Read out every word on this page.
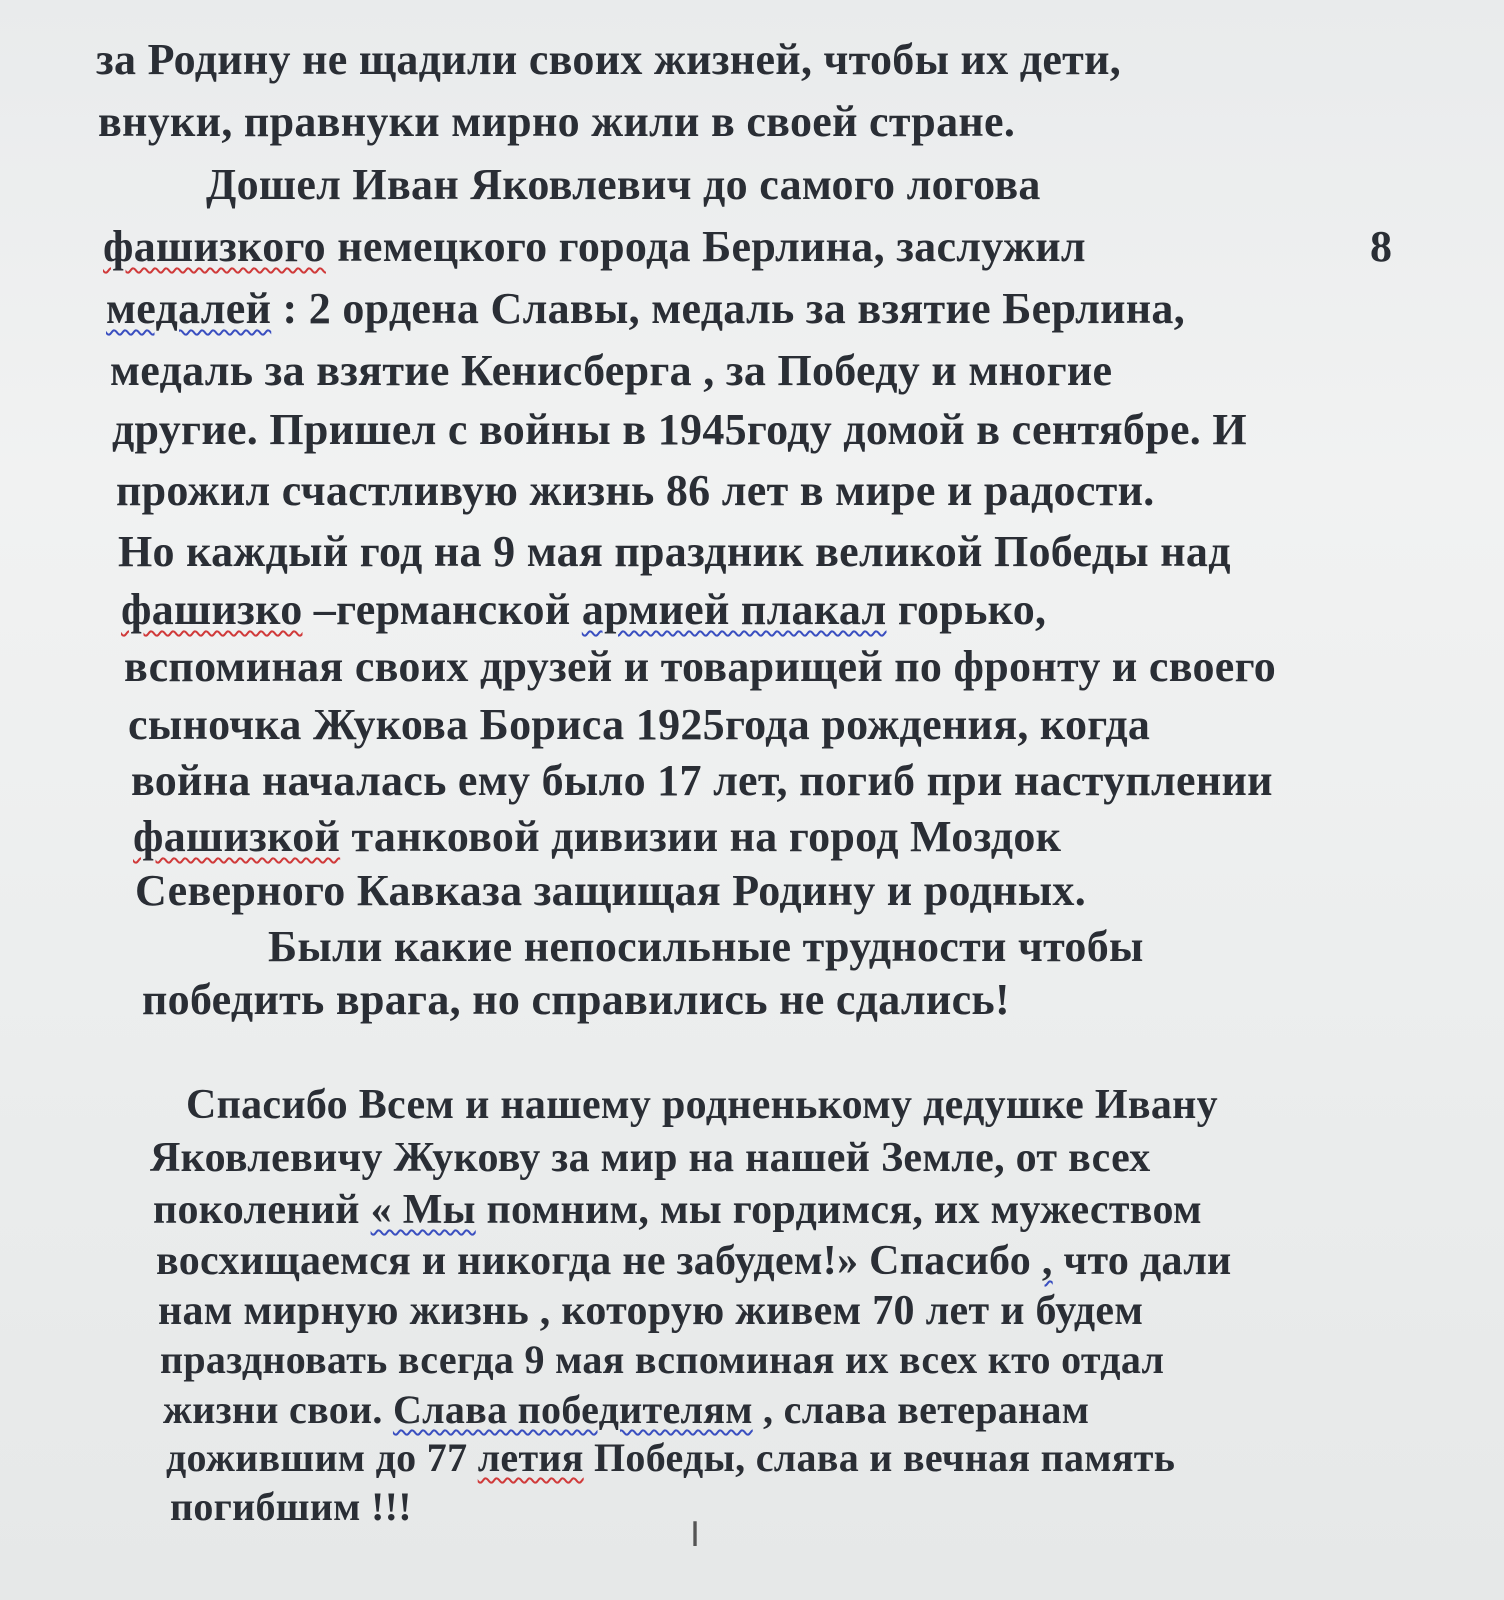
за Родину не щадили своих жизней, чтобы их дети,
внуки, правнуки мирно жили в своей стране.
Дошел Иван Яковлевич до самого логова
фашизкого немецкого города Берлина, заслужил	8
медалей : 2 ордена Славы, медаль за взятие Берлина,
медаль за взятие Кенисберга , за Победу и многие
другие. Пришел с войны в 1945году домой в сентябре. И
прожил счастливую жизнь 86 лет в мире и радости.
Но каждый год на 9 мая праздник великой Победы над
фашизко –германской армией плакал горько,
вспоминая своих друзей и товарищей по фронту и своего
сыночка Жукова Бориса 1925года рождения, когда
война началась ему было 17 лет, погиб при наступлении
фашизкой танковой дивизии на город Моздок
Северного Кавказа защищая Родину и родных.
Были какие непосильные трудности чтобы
победить врага, но справились не сдались!
Спасибо Всем и нашему родненькому дедушке Ивану
Яковлевичу Жукову за мир на нашей Земле, от всех
поколений « Мы помним, мы гордимся, их мужеством
восхищаемся и никогда не забудем!» Спасибо , что дали
нам мирную жизнь , которую живем 70 лет и будем
праздновать всегда 9 мая вспоминая их всех кто отдал
жизни свои. Слава победителям , слава ветеранам
дожившим до 77 летия Победы, слава и вечная память
погибшим !!!
I
